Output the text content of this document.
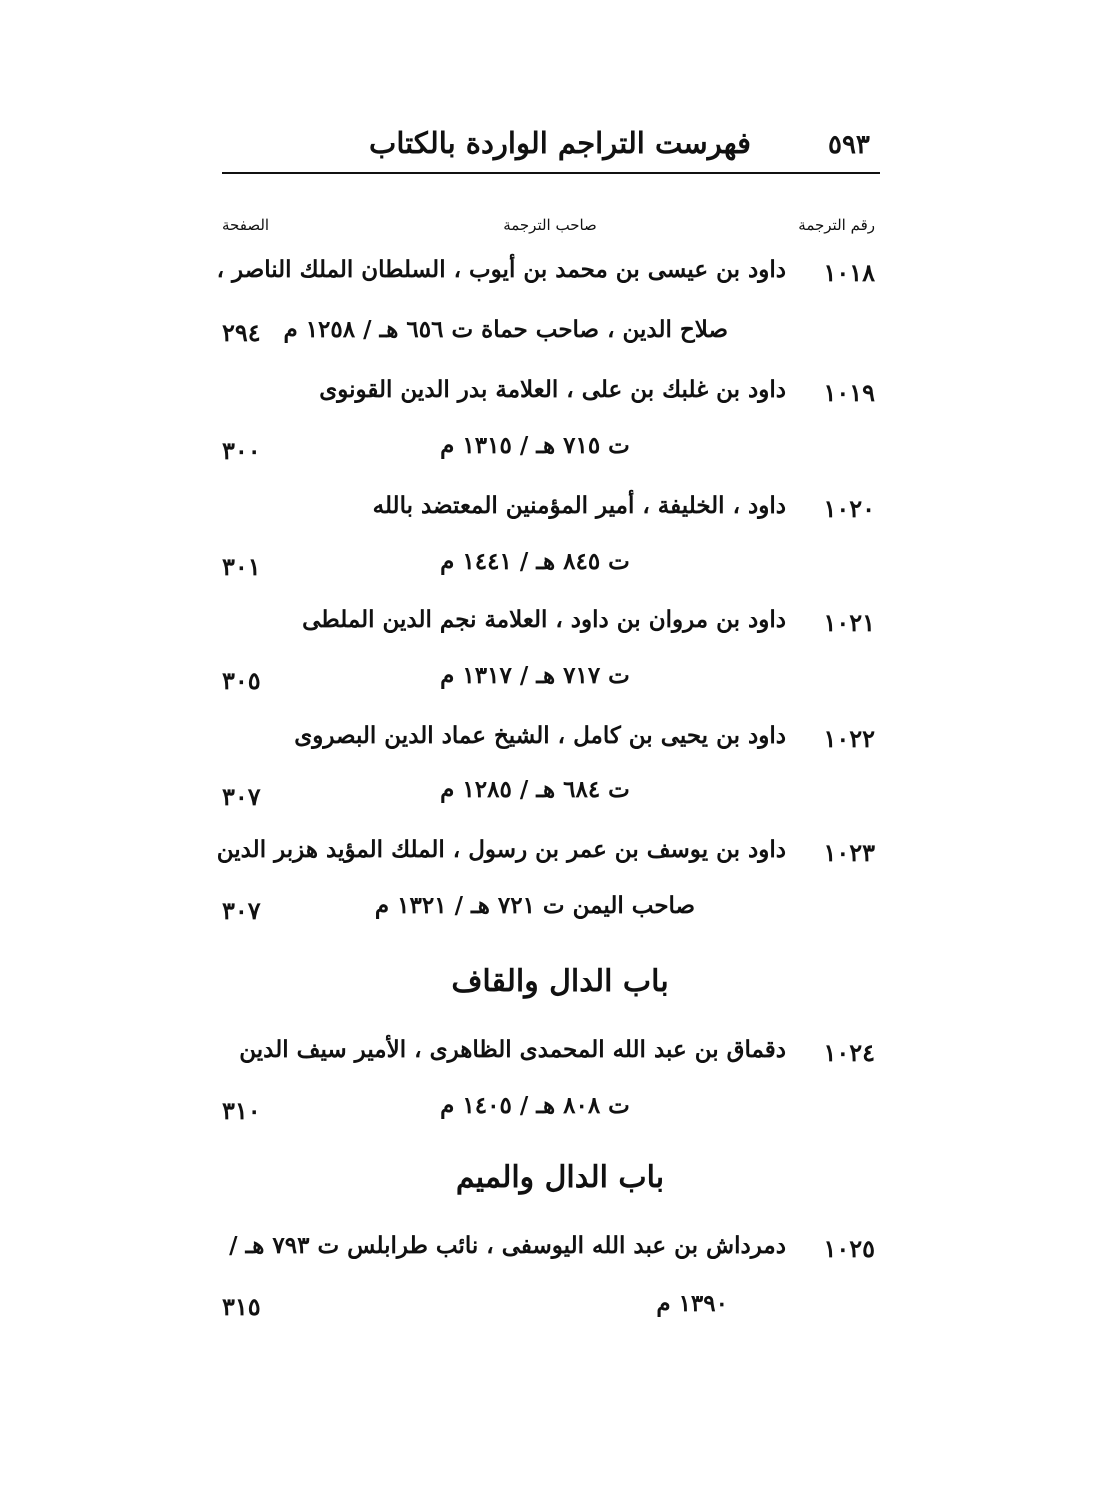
٥٩٣
فهرست التراجم الواردة بالكتاب
رقم الترجمة
صاحب الترجمة
الصفحة
١٠١٨
داود بن عيسى بن محمد بن أيوب ، السلطان الملك الناصر ،
صلاح الدين ، صاحب حماة ت ٦٥٦ هـ / ١٢٥٨ م
٢٩٤
١٠١٩
داود بن غلبك بن على ، العلامة بدر الدين القونوى
ت ٧١٥ هـ / ١٣١٥ م
٣٠٠
١٠٢٠
داود ، الخليفة ، أمير المؤمنين المعتضد بالله
ت ٨٤٥ هـ / ١٤٤١ م
٣٠١
١٠٢١
داود بن مروان بن داود ، العلامة نجم الدين الملطى
ت ٧١٧ هـ / ١٣١٧ م
٣٠٥
١٠٢٢
داود بن يحيى بن كامل ، الشيخ عماد الدين البصروى
ت ٦٨٤ هـ / ١٢٨٥ م
٣٠٧
١٠٢٣
داود بن يوسف بن عمر بن رسول ، الملك المؤيد هزبر الدين
صاحب اليمن ت ٧٢١ هـ / ١٣٢١ م
٣٠٧
باب الدال والقاف
١٠٢٤
دقماق بن عبد الله المحمدى الظاهرى ، الأمير سيف الدين
ت ٨٠٨ هـ / ١٤٠٥ م
٣١٠
باب الدال والميم
١٠٢٥
دمرداش بن عبد الله اليوسفى ، نائب طرابلس ت ٧٩٣ هـ /
١٣٩٠ م
٣١٥
